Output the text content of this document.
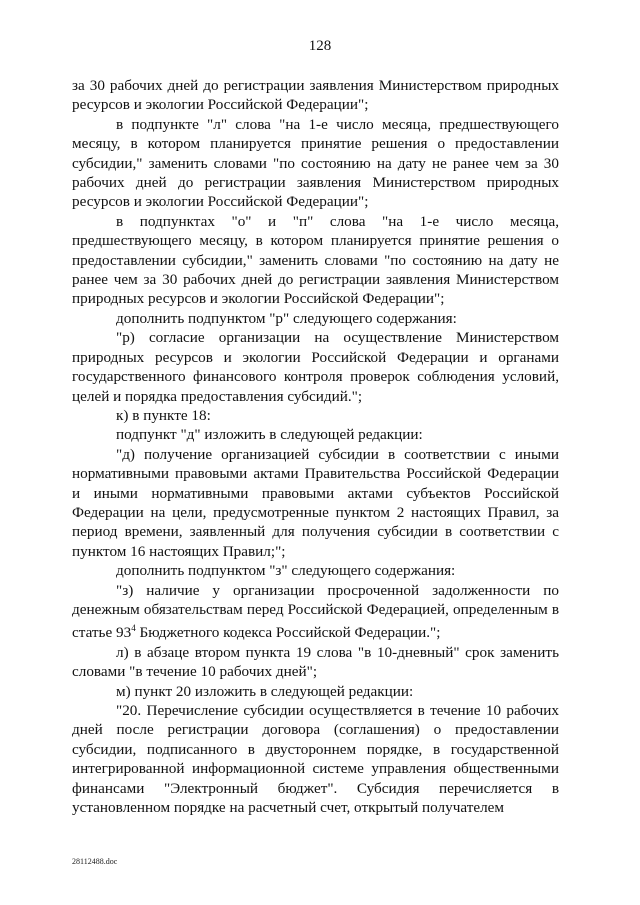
128

за 30 рабочих дней до регистрации заявления Министерством природных ресурсов и экологии Российской Федерации";

в подпункте "л" слова "на 1-е число месяца, предшествующего месяцу, в котором планируется принятие решения о предоставлении субсидии," заменить словами "по состоянию на дату не ранее чем за 30 рабочих дней до регистрации заявления Министерством природных ресурсов и экологии Российской Федерации";

в подпунктах "о" и "п" слова "на 1-е число месяца, предшествующего месяцу, в котором планируется принятие решения о предоставлении субсидии," заменить словами "по состоянию на дату не ранее чем за 30 рабочих дней до регистрации заявления Министерством природных ресурсов и экологии Российской Федерации";

дополнить подпунктом "р" следующего содержания:

"р) согласие организации на осуществление Министерством природных ресурсов и экологии Российской Федерации и органами государственного финансового контроля проверок соблюдения условий, целей и порядка предоставления субсидий.";

к) в пункте 18:

подпункт "д" изложить в следующей редакции:

"д) получение организацией субсидии в соответствии с иными нормативными правовыми актами Правительства Российской Федерации и иными нормативными правовыми актами субъектов Российской Федерации на цели, предусмотренные пунктом 2 настоящих Правил, за период времени, заявленный для получения субсидии в соответствии с пунктом 16 настоящих Правил;";

дополнить подпунктом "з" следующего содержания:

"з) наличие у организации просроченной задолженности по денежным обязательствам перед Российской Федерацией, определенным в статье $93^4$ Бюджетного кодекса Российской Федерации.";

л) в абзаце втором пункта 19 слова "в 10-дневный" срок заменить словами "в течение 10 рабочих дней";

м) пункт 20 изложить в следующей редакции:

"20. Перечисление субсидии осуществляется в течение 10 рабочих дней после регистрации договора (соглашения) о предоставлении субсидии, подписанного в двустороннем порядке, в государственной интегрированной информационной системе управления общественными финансами "Электронный бюджет". Субсидия перечисляется в установленном порядке на расчетный счет, открытый получателем

28112488.doc
